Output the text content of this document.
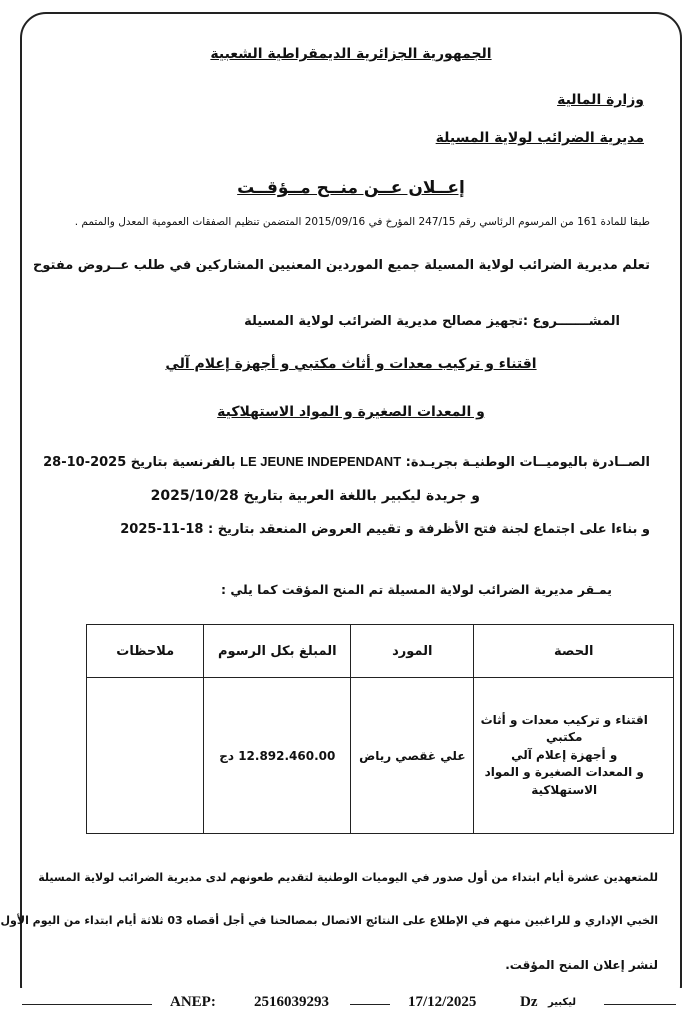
الجمهورية الجزائرية الديمقراطية الشعبية
وزارة المالية
مديرية الضرائب لولاية المسيلة
إعــلان عــن منــح مــؤقــت
طبقا للمادة 161 من المرسوم الرئاسي رقم 247/15 المؤرخ في 2015/09/16 المتضمن تنظيم الصفقات العمومية المعدل والمتمم .
تعلم مديرية الضرائب لولاية المسيلة جميع الموردين المعنيين المشاركين في طلب عــروض مفتوح
المشـــــــروع :تجهيز مصالح مديرية الضرائب لولاية المسيلة
اقتناء و تركيب معدات و أثاث مكتبي و أجهزة إعلام آلي
و المعدات الصغيرة و المواد الاستهلاكية
الصــادرة باليوميــات الوطنيـة بجريـدة: LE JEUNE INDEPENDANT بالفرنسية بتاريخ 2025-10-28
و جريدة ليكبير باللغة العربية بتاريخ 2025/10/28
و بناءا على اجتماع لجنة فتح الأظرفة و تقييم العروض المنعقد بتاريخ : 18-11-2025
يمـقر مديرية الضرائب لولاية المسيلة تم المنح المؤقت كما يلي :
الحصة	المورد	المبلغ بكل الرسوم	ملاحظات

اقتناء و تركيب معدات و أثاث مكتبي
و أجهزة إعلام آلي
و المعدات الصغيرة و المواد
الاستهلاكية	علي غقصي رياض	12.892.460.00 دج	
للمتعهدين عشرة أيام ابتداء من أول صدور في اليوميات الوطنية لتقديم طعونهم لدى مديرية الضرائب لولاية المسيلة
الخبي الإداري و للراغبين منهم في الإطلاع على النتائج الاتصال بمصالحنا في أجل أقصاه 03 ثلاثة أيام ابتداء من اليوم الأول
لنشر إعلان المنح المؤقت.
ANEP:	2516039293	17/12/2025	Dz ليكبير
